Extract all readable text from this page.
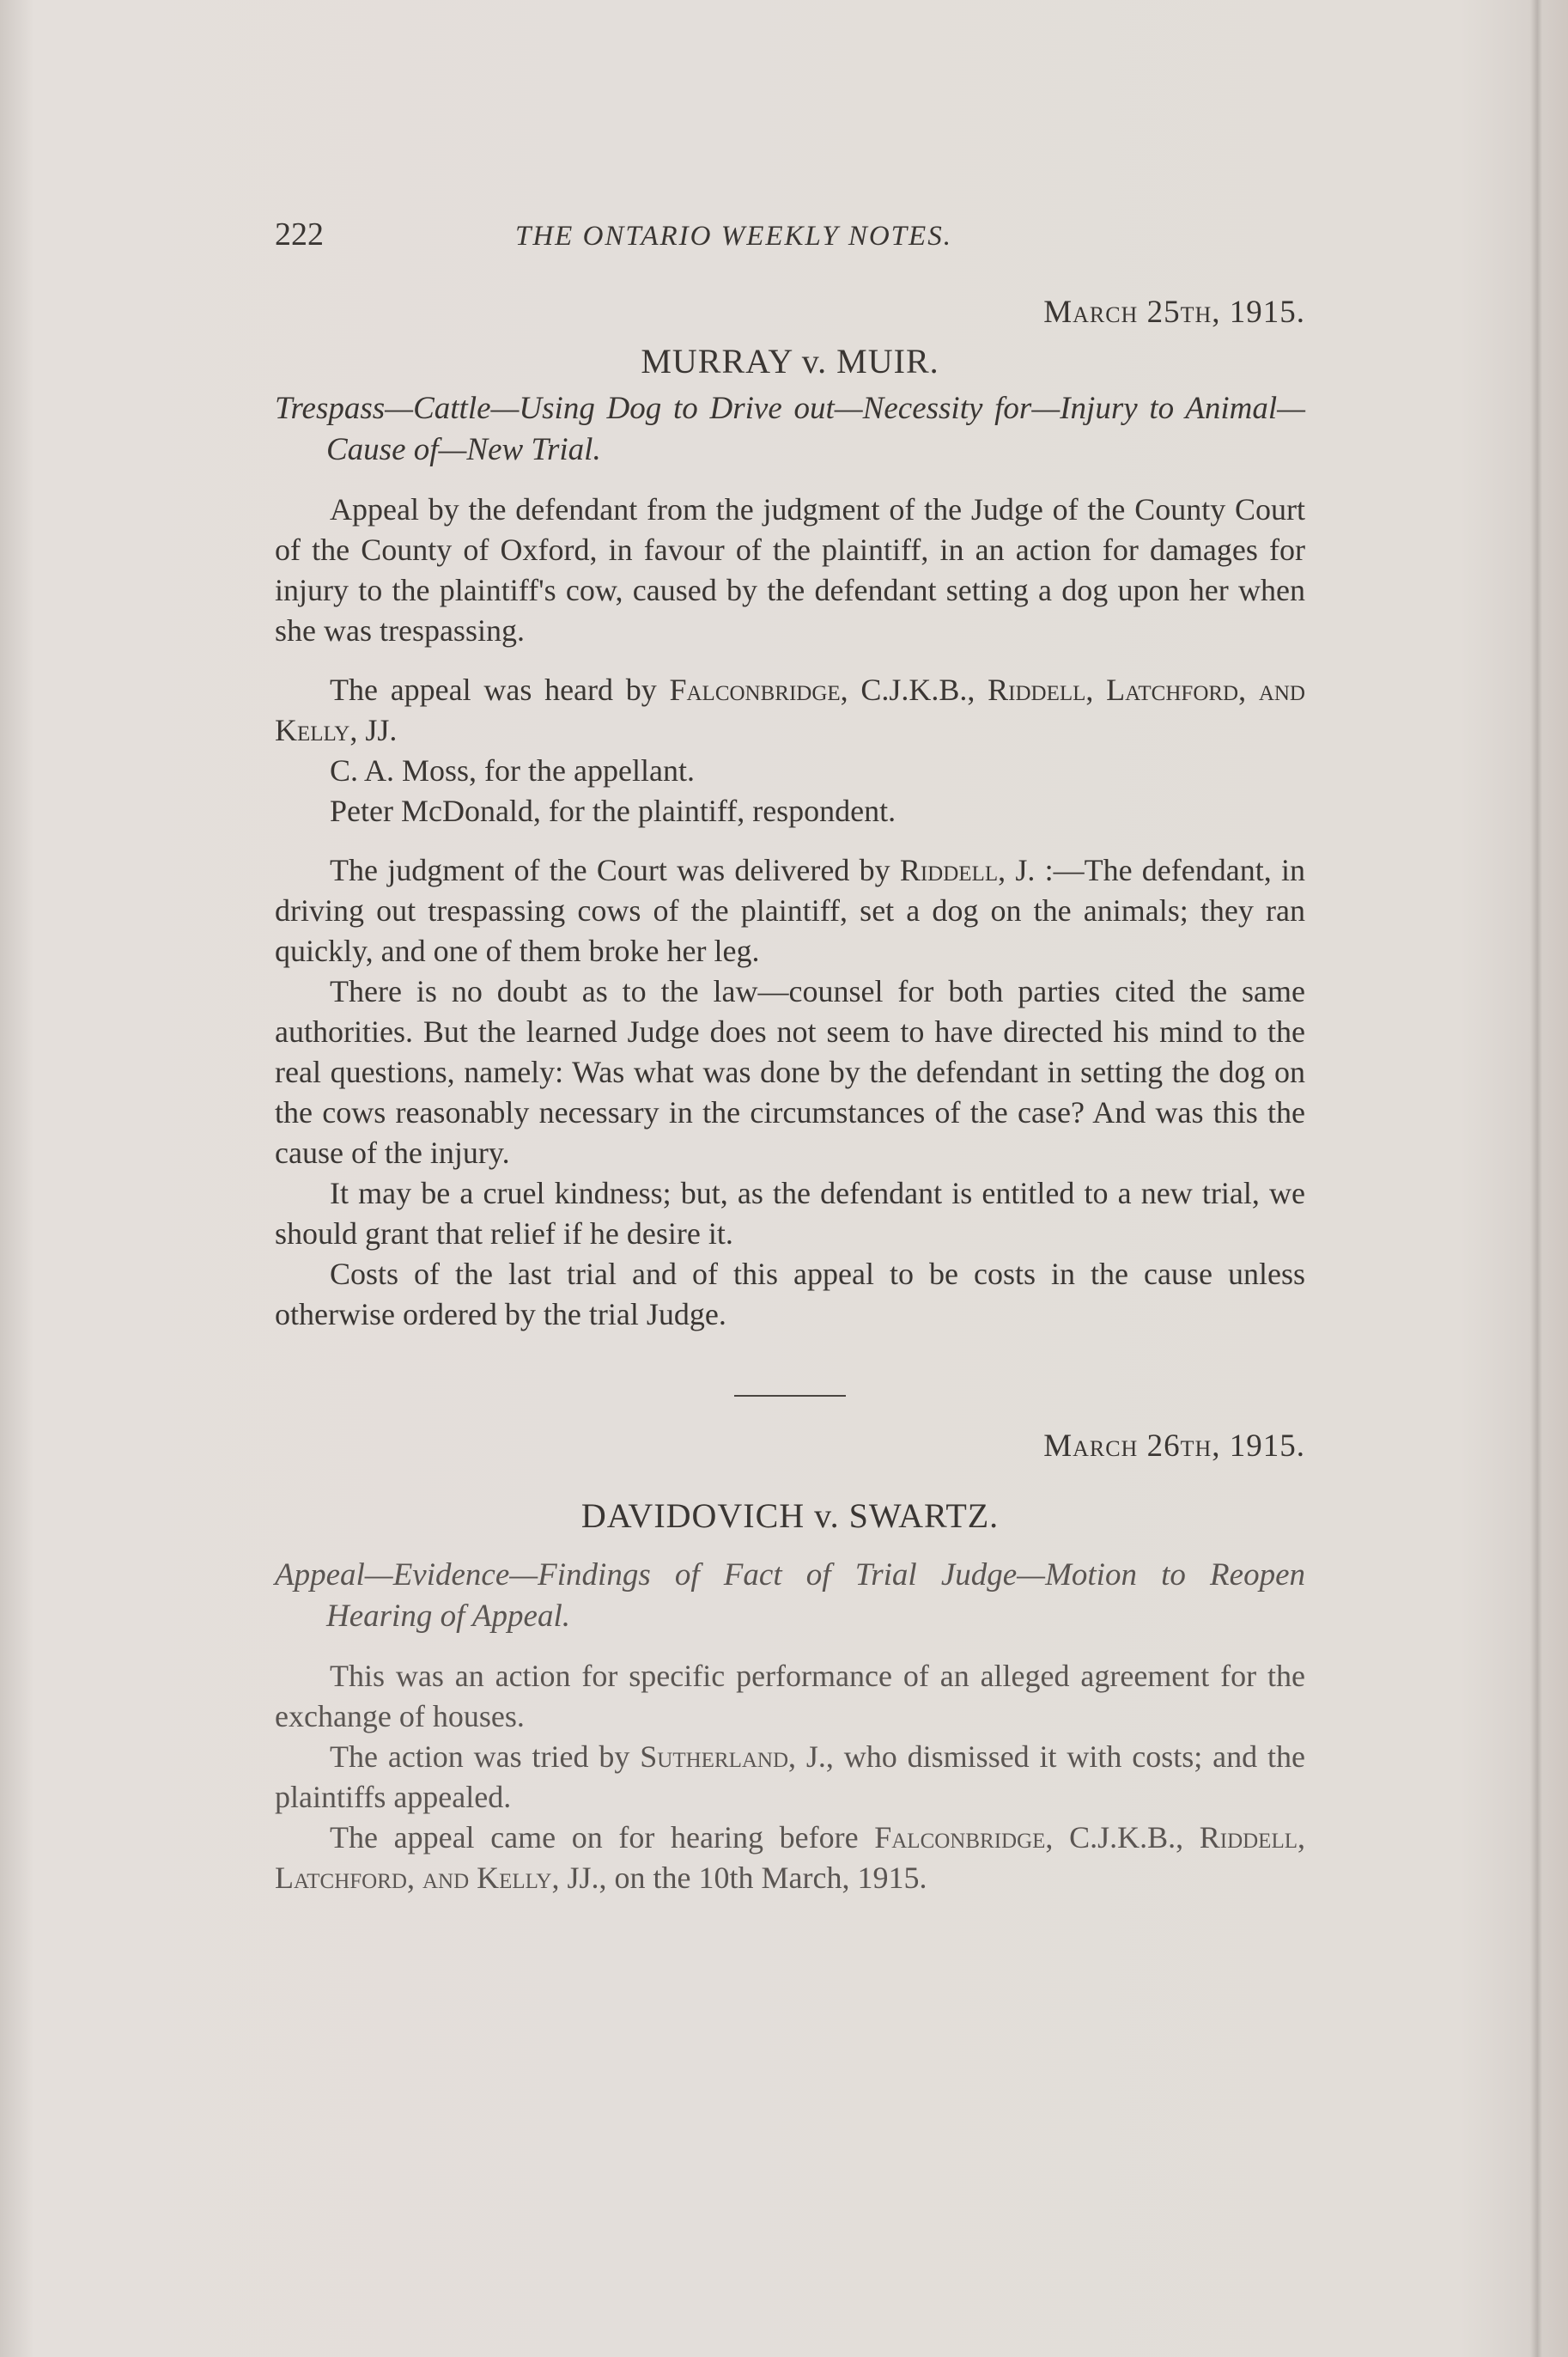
222	THE ONTARIO WEEKLY NOTES.
March 25th, 1915.
MURRAY v. MUIR.
Trespass—Cattle—Using Dog to Drive out—Necessity for—Injury to Animal—Cause of—New Trial.

Appeal by the defendant from the judgment of the Judge of the County Court of the County of Oxford, in favour of the plaintiff, in an action for damages for injury to the plaintiff's cow, caused by the defendant setting a dog upon her when she was trespassing.

The appeal was heard by Falconbridge, C.J.K.B., Riddell, Latchford, and Kelly, JJ.

C. A. Moss, for the appellant.

Peter McDonald, for the plaintiff, respondent.

The judgment of the Court was delivered by Riddell, J. :—The defendant, in driving out trespassing cows of the plaintiff, set a dog on the animals; they ran quickly, and one of them broke her leg.

There is no doubt as to the law—counsel for both parties cited the same authorities. But the learned Judge does not seem to have directed his mind to the real questions, namely: Was what was done by the defendant in setting the dog on the cows reasonably necessary in the circumstances of the case? And was this the cause of the injury.

It may be a cruel kindness; but, as the defendant is entitled to a new trial, we should grant that relief if he desire it.

Costs of the last trial and of this appeal to be costs in the cause unless otherwise ordered by the trial Judge.

March 26th, 1915.
DAVIDOVICH v. SWARTZ.
Appeal—Evidence—Findings of Fact of Trial Judge—Motion to Reopen Hearing of Appeal.

This was an action for specific performance of an alleged agreement for the exchange of houses.

The action was tried by Sutherland, J., who dismissed it with costs; and the plaintiffs appealed.

The appeal came on for hearing before Falconbridge, C.J.K.B., Riddell, Latchford, and Kelly, JJ., on the 10th March, 1915.
